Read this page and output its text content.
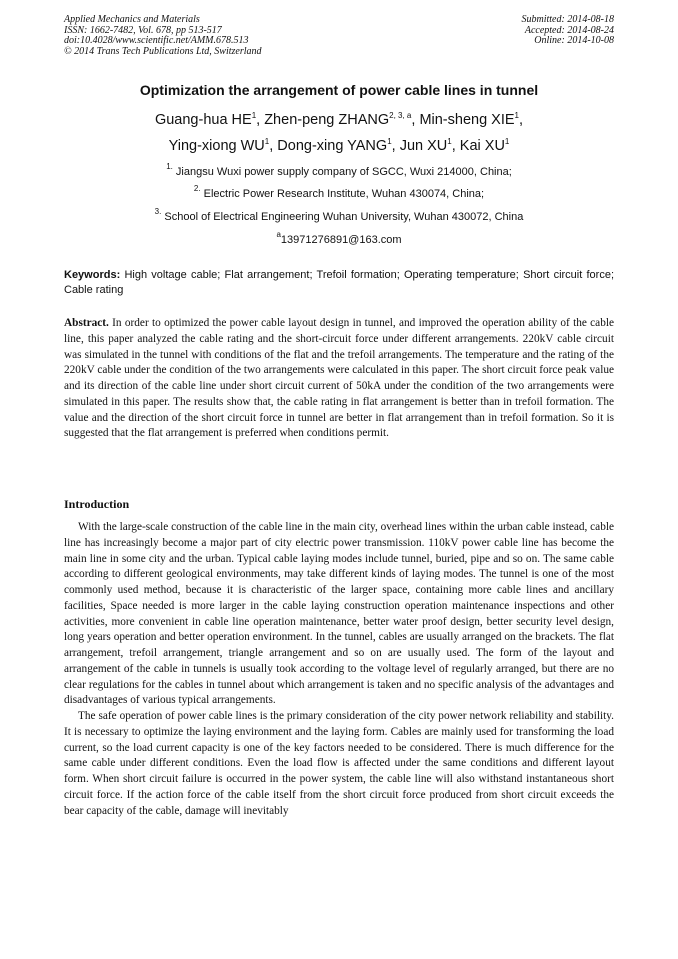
Applied Mechanics and Materials
ISSN: 1662-7482, Vol. 678, pp 513-517
doi:10.4028/www.scientific.net/AMM.678.513
© 2014 Trans Tech Publications Ltd, Switzerland
Submitted: 2014-08-18
Accepted: 2014-08-24
Online: 2014-10-08
Optimization the arrangement of power cable lines in tunnel
Guang-hua $HE^1$, Zhen-peng ZHANG$^{2, 3, a}$, Min-sheng XIE$^1$,
Ying-xiong $WU^1$, Dong-xing YANG$^1$, Jun $XU^1$, Kai $XU^1$
$^{1.}$ Jiangsu Wuxi power supply company of SGCC, Wuxi 214000, China;
$^{2.}$ Electric Power Research Institute, Wuhan 430074, China;
$^{3.}$ School of Electrical Engineering Wuhan University, Wuhan 430072, China
$^a$13971276891@163.com
Keywords: High voltage cable; Flat arrangement; Trefoil formation; Operating temperature; Short circuit force; Cable rating
Abstract. In order to optimized the power cable layout design in tunnel, and improved the operation ability of the cable line, this paper analyzed the cable rating and the short-circuit force under different arrangements. 220kV cable circuit was simulated in the tunnel with conditions of the flat and the trefoil arrangements. The temperature and the rating of the 220kV cable under the condition of the two arrangements were calculated in this paper. The short circuit force peak value and its direction of the cable line under short circuit current of 50kA under the condition of the two arrangements were simulated in this paper. The results show that, the cable rating in flat arrangement is better than in trefoil formation. The value and the direction of the short circuit force in tunnel are better in flat arrangement than in trefoil formation. So it is suggested that the flat arrangement is preferred when conditions permit.
Introduction

With the large-scale construction of the cable line in the main city, overhead lines within the urban cable instead, cable line has increasingly become a major part of city electric power transmission. 110kV power cable line has become the main line in some city and the urban. Typical cable laying modes include tunnel, buried, pipe and so on. The same cable according to different geological environments, may take different kinds of laying modes. The tunnel is one of the most commonly used method, because it is characteristic of the larger space, containing more cable lines and ancillary facilities, Space needed is more larger in the cable laying construction operation maintenance inspections and other activities, more convenient in cable line operation maintenance, better water proof design, better security level design, long years operation and better operation environment. In the tunnel, cables are usually arranged on the brackets. The flat arrangement, trefoil arrangement, triangle arrangement and so on are usually used. The form of the layout and arrangement of the cable in tunnels is usually took according to the voltage level of regularly arranged, but there are no clear regulations for the cables in tunnel about which arrangement is taken and no specific analysis of the advantages and disadvantages of various typical arrangements.

The safe operation of power cable lines is the primary consideration of the city power network reliability and stability. It is necessary to optimize the laying environment and the laying form. Cables are mainly used for transforming the load current, so the load current capacity is one of the key factors needed to be considered. There is much difference for the same cable under different conditions. Even the load flow is affected under the same conditions and different layout form. When short circuit failure is occurred in the power system, the cable line will also withstand instantaneous short circuit force. If the action force of the cable itself from the short circuit force produced from short circuit exceeds the bear capacity of the cable, damage will inevitably
